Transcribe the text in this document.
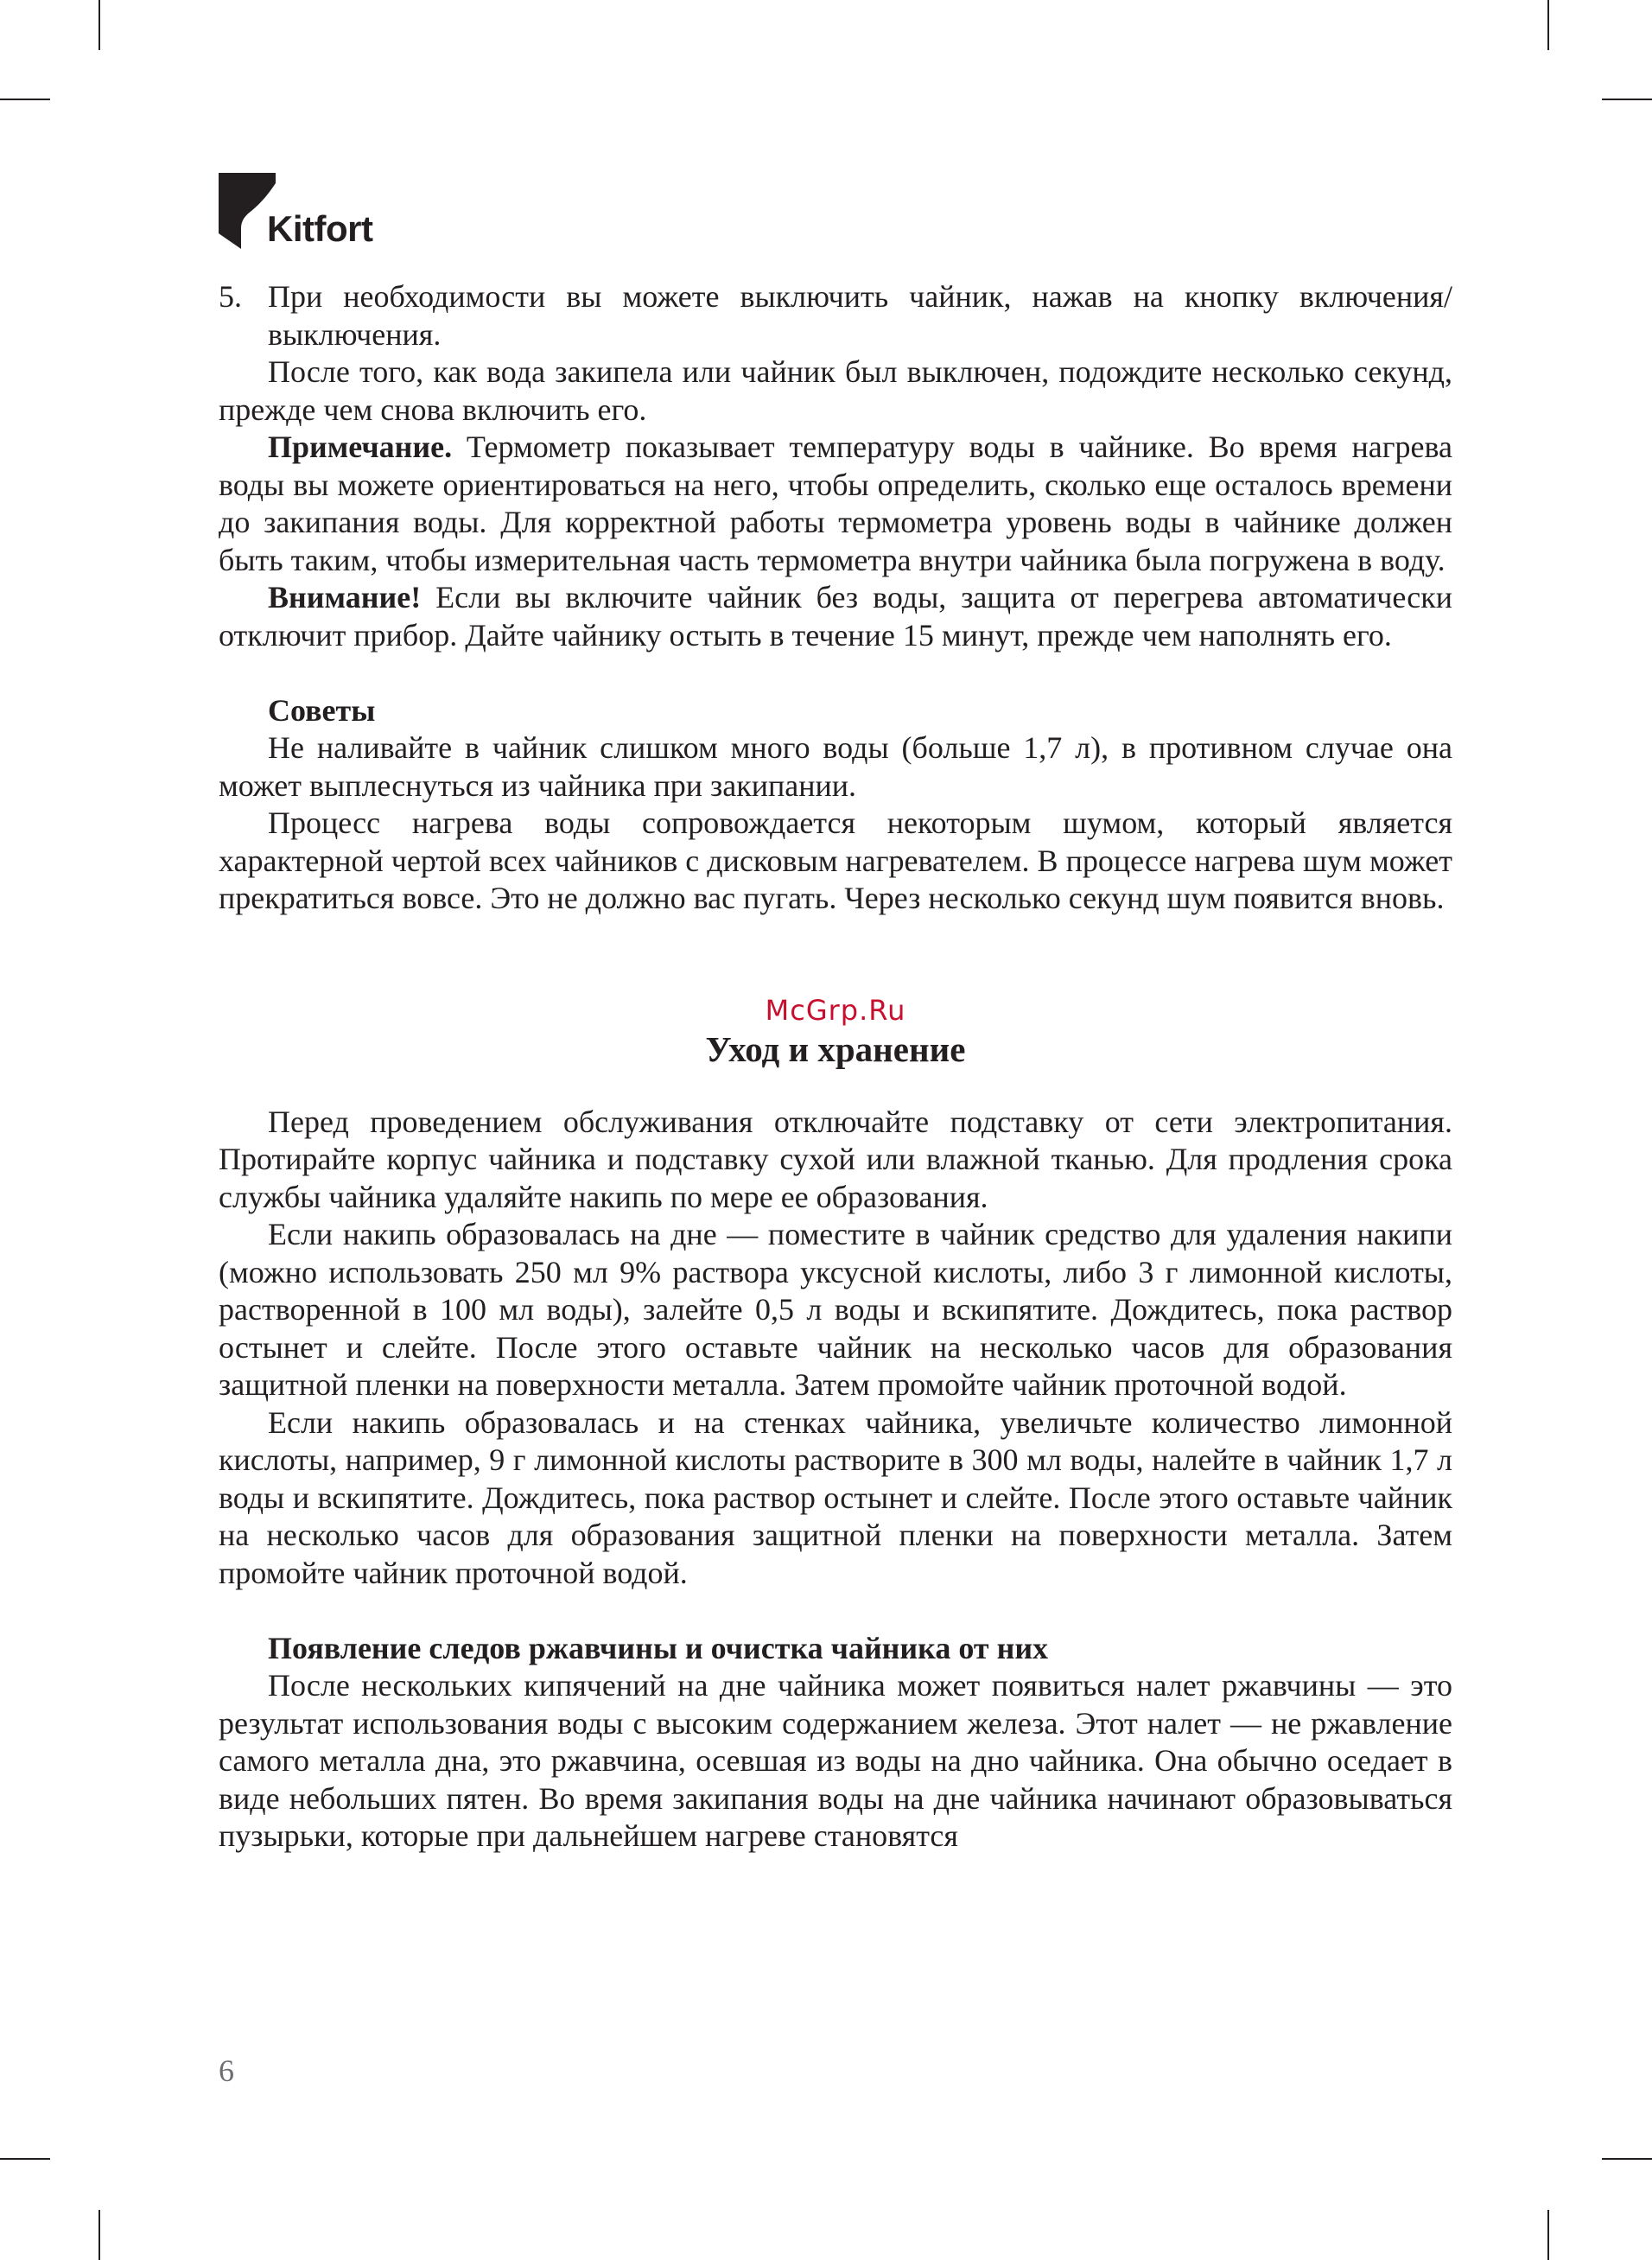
Kitfort
5. При необходимости вы можете выключить чайник, нажав на кнопку включения/выключения.

После того, как вода закипела или чайник был выключен, подождите несколько секунд, прежде чем снова включить его.

Примечание. Термометр показывает температуру воды в чайнике. Во время нагрева воды вы можете ориентироваться на него, чтобы определить, сколько еще осталось времени до закипания воды. Для корректной работы термометра уровень воды в чайнике должен быть таким, чтобы измерительная часть термометра внутри чайника была погружена в воду.

Внимание! Если вы включите чайник без воды, защита от перегрева автоматически отключит прибор. Дайте чайнику остыть в течение 15 минут, прежде чем наполнять его.

Советы

Не наливайте в чайник слишком много воды (больше 1,7 л), в противном случае она может выплеснуться из чайника при закипании.

Процесс нагрева воды сопровождается некоторым шумом, который является характерной чертой всех чайников с дисковым нагревателем. В процессе нагрева шум может прекратиться вовсе. Это не должно вас пугать. Через несколько секунд шум появится вновь.

McGrp.Ru

Уход и хранение

Перед проведением обслуживания отключайте подставку от сети электропитания. Протирайте корпус чайника и подставку сухой или влажной тканью. Для продления срока службы чайника удаляйте накипь по мере ее образования.

Если накипь образовалась на дне — поместите в чайник средство для удаления накипи (можно использовать 250 мл 9% раствора уксусной кислоты, либо 3 г лимонной кислоты, растворенной в 100 мл воды), залейте 0,5 л воды и вскипятите. Дождитесь, пока раствор остынет и слейте. После этого оставьте чайник на несколько часов для образования защитной пленки на поверхности металла. Затем промойте чайник проточной водой.

Если накипь образовалась и на стенках чайника, увеличьте количество лимонной кислоты, например, 9 г лимонной кислоты растворите в 300 мл воды, налейте в чайник 1,7 л воды и вскипятите. Дождитесь, пока раствор остынет и слейте. После этого оставьте чайник на несколько часов для образования защитной пленки на поверхности металла. Затем промойте чайник проточной водой.

Появление следов ржавчины и очистка чайника от них

После нескольких кипячений на дне чайника может появиться налет ржавчины — это результат использования воды с высоким содержанием железа. Этот налет — не ржавление самого металла дна, это ржавчина, осевшая из воды на дно чайника. Она обычно оседает в виде небольших пятен. Во время закипания воды на дне чайника начинают образовываться пузырьки, которые при дальнейшем нагреве становятся

6
